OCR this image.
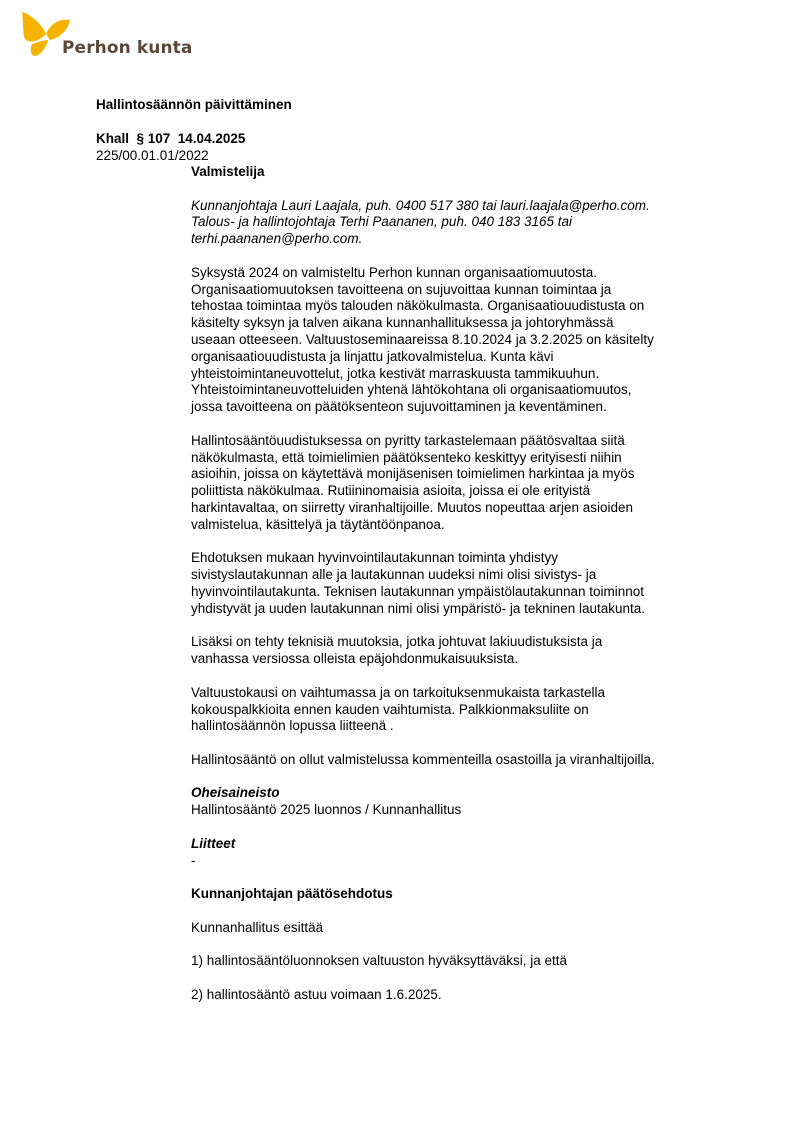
Perhon kunta
Hallintosäännön päivittäminen
Khall  § 107  14.04.2025
225/00.01.01/2022

Valmistelija

Kunnanjohtaja Lauri Laajala, puh. 0400 517 380 tai lauri.laajala@perho.com.
Talous- ja hallintojohtaja Terhi Paananen, puh. 040 183 3165 tai
terhi.paananen@perho.com.

Syksystä 2024 on valmisteltu Perhon kunnan organisaatiomuutosta.
Organisaatiomuutoksen tavoitteena on sujuvoittaa kunnan toimintaa ja
tehostaa toimintaa myös talouden näkökulmasta. Organisaatiouudistusta on
käsitelty syksyn ja talven aikana kunnanhallituksessa ja johtoryhmässä
useaan otteeseen. Valtuustoseminaareissa 8.10.2024 ja 3.2.2025 on käsitelty
organisaatiouudistusta ja linjattu jatkovalmistelua. Kunta kävi
yhteistoimintaneuvottelut, jotka kestivät marraskuusta tammikuuhun.
Yhteistoimintaneuvotteluiden yhtenä lähtökohtana oli organisaatiomuutos,
jossa tavoitteena on päätöksenteon sujuvoittaminen ja keventäminen.

Hallintosääntöuudistuksessa on pyritty tarkastelemaan päätösvaltaa siitä
näkökulmasta, että toimielimien päätöksenteko keskittyy erityisesti niihin
asioihin, joissa on käytettävä monijäsenisen toimielimen harkintaa ja myös
poliittista näkökulmaa. Rutiininomaisia asioita, joissa ei ole erityistä
harkintavaltaa, on siirretty viranhaltijoille. Muutos nopeuttaa arjen asioiden
valmistelua, käsittelyä ja täytäntöönpanoa.

Ehdotuksen mukaan hyvinvointilautakunnan toiminta yhdistyy
sivistyslautakunnan alle ja lautakunnan uudeksi nimi olisi sivistys- ja
hyvinvointilautakunta. Teknisen lautakunnan ympäistölautakunnan toiminnot
yhdistyvät ja uuden lautakunnan nimi olisi ympäristö- ja tekninen lautakunta.

Lisäksi on tehty teknisiä muutoksia, jotka johtuvat lakiuudistuksista ja
vanhassa versiossa olleista epäjohdonmukaisuuksista.

Valtuustokausi on vaihtumassa ja on tarkoituksenmukaista tarkastella
kokouspalkkioita ennen kauden vaihtumista. Palkkionmaksuliite on
hallintosäännön lopussa liitteenä .

Hallintosääntö on ollut valmistelussa kommenteilla osastoilla ja viranhaltijoilla.

Oheisaineisto
Hallintosääntö 2025 luonnos / Kunnanhallitus

Liitteet
-

Kunnanjohtajan päätösehdotus

Kunnanhallitus esittää

1) hallintosääntöluonnoksen valtuuston hyväksyttäväksi, ja että

2) hallintosääntö astuu voimaan 1.6.2025.
